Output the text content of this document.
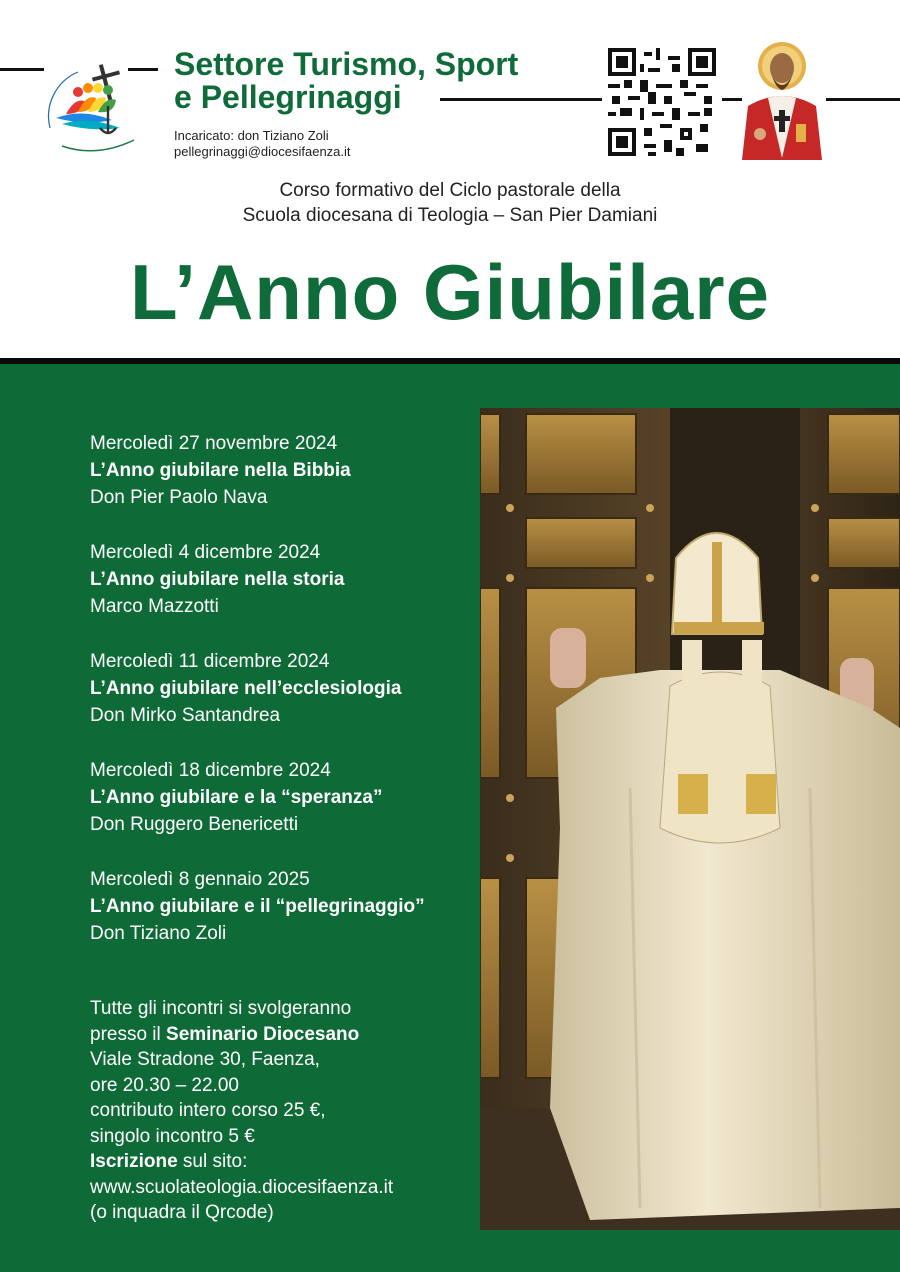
Settore Turismo, Sport
e Pellegrinaggi
Incaricato: don Tiziano Zoli
pellegrinaggi@diocesifaenza.it
Corso formativo del Ciclo pastorale della
Scuola diocesana di Teologia – San Pier Damiani
L’Anno Giubilare
Mercoledì 27 novembre 2024
L’Anno giubilare nella Bibbia
Don Pier Paolo Nava
Mercoledì 4 dicembre 2024
L’Anno giubilare nella storia
Marco Mazzotti
Mercoledì 11 dicembre 2024
L’Anno giubilare nell’ecclesiologia
Don Mirko Santandrea
Mercoledì 18 dicembre 2024
L’Anno giubilare e la “speranza”
Don Ruggero Benericetti
Mercoledì 8 gennaio 2025
L’Anno giubilare e il “pellegrinaggio”
Don Tiziano Zoli
Tutte gli incontri si svolgeranno
presso il Seminario Diocesano
Viale Stradone 30, Faenza,
ore 20.30 – 22.00
contributo intero corso 25 €,
singolo incontro 5 €
Iscrizione sul sito:
www.scuolateologia.diocesifaenza.it
(o inquadra il Qrcode)
